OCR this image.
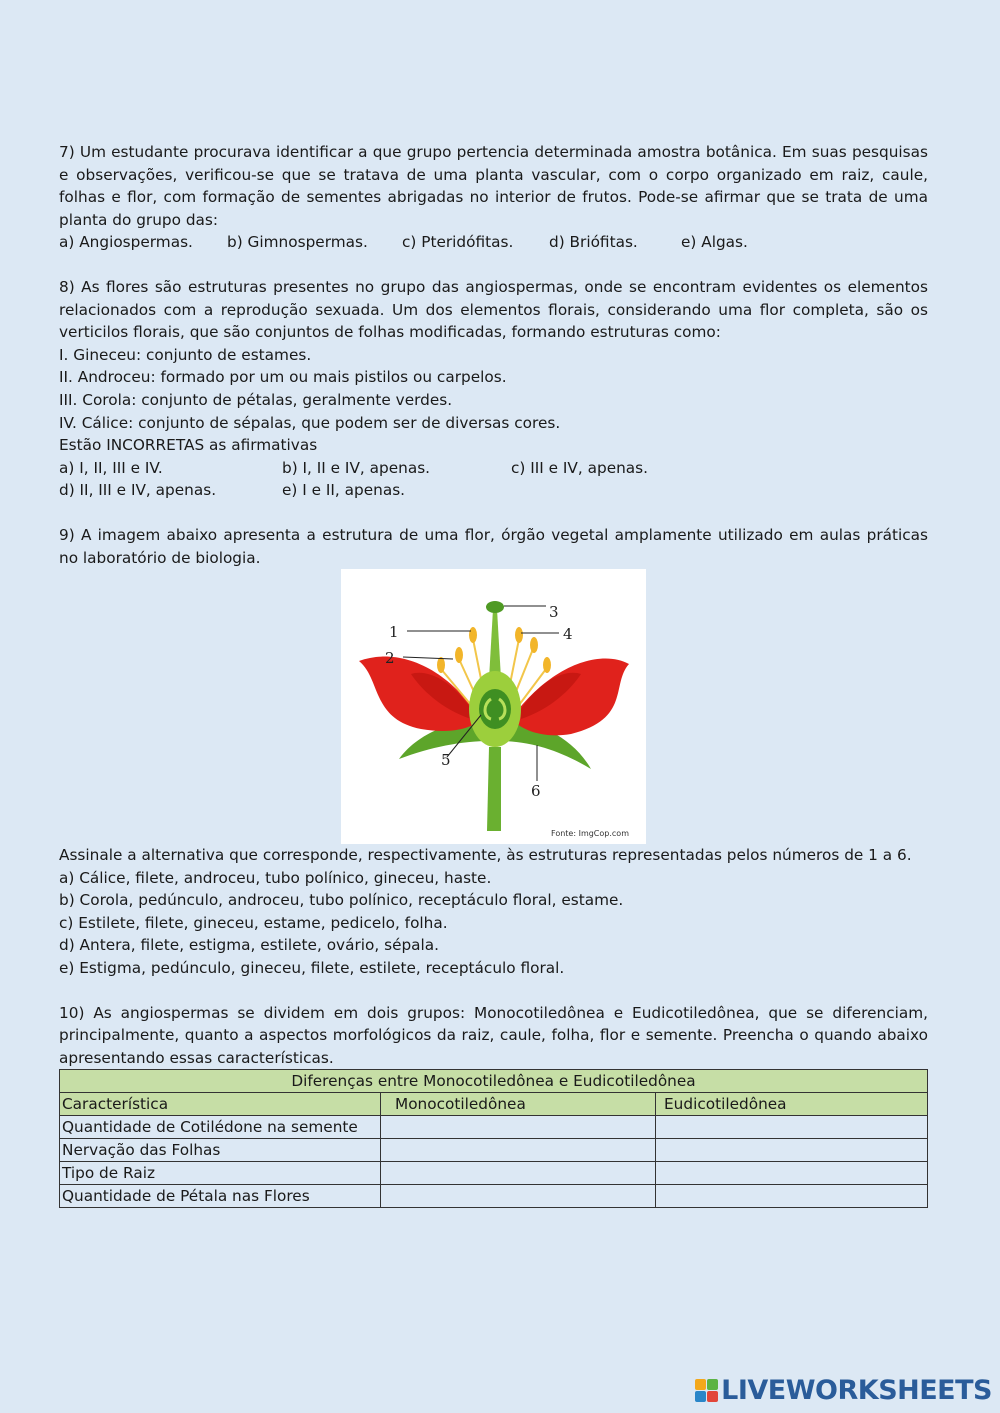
7) Um estudante procurava identificar a que grupo pertencia determinada amostra botânica. Em suas pesquisas e observações, verificou-se que se tratava de uma planta vascular, com o corpo organizado em raiz, caule, folhas e flor, com formação de sementes abrigadas no interior de frutos. Pode-se afirmar que se trata de uma planta do grupo das:

a) Angiospermas. b) Gimnospermas. c) Pteridófitas. d) Briófitas.	e) Algas.

8) As flores são estruturas presentes no grupo das angiospermas, onde se encontram evidentes os elementos relacionados com a reprodução sexuada. Um dos elementos florais, considerando uma flor completa, são os verticilos florais, que são conjuntos de folhas modificadas, formando estruturas como:

I. Gineceu: conjunto de estames.

II. Androceu: formado por um ou mais pistilos ou carpelos.

III. Corola: conjunto de pétalas, geralmente verdes.

IV. Cálice: conjunto de sépalas, que podem ser de diversas cores.

Estão INCORRETAS as afirmativas

a) I, II, III e IV.	b) I, II e IV, apenas.	c) III e IV, apenas.
d) II, III e IV, apenas.	e) I e II, apenas.

9) A imagem abaixo apresenta a estrutura de uma flor, órgão vegetal amplamente utilizado em aulas práticas no laboratório de biologia.

1
2
3
4
5
6
Fonte: ImgCop.com

Assinale a alternativa que corresponde, respectivamente, às estruturas representadas pelos números de 1 a 6.

a) Cálice, filete, androceu, tubo polínico, gineceu, haste.

b) Corola, pedúnculo, androceu, tubo polínico, receptáculo floral, estame.

c) Estilete, filete, gineceu, estame, pedicelo, folha.

d) Antera, filete, estigma, estilete, ovário, sépala.

e) Estigma, pedúnculo, gineceu, filete, estilete, receptáculo floral.

10) As angiospermas se dividem em dois grupos: Monocotiledônea e Eudicotiledônea, que se diferenciam, principalmente, quanto a aspectos morfológicos da raiz, caule, folha, flor e semente. Preencha o quando abaixo apresentando essas características.

Diferenças entre Monocotiledônea e Eudicotiledônea		
Característica	Monocotiledônea	Eudicotiledônea
Quantidade de Cotilédone na semente		
Nervação das Folhas		
Tipo de Raiz		
Quantidade de Pétala nas Flores		
LIVEWORKSHEETS
